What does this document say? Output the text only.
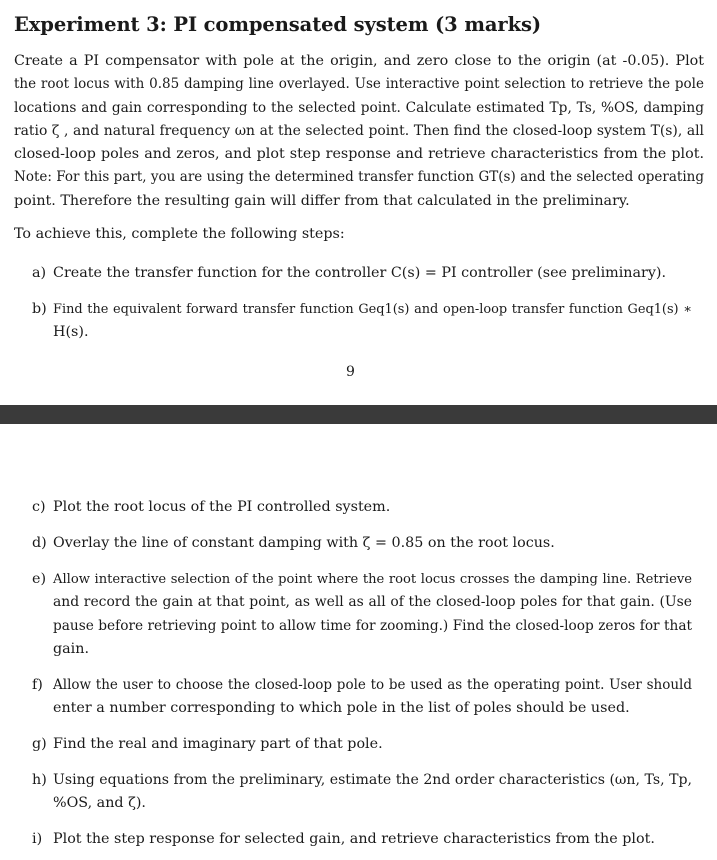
Experiment 3: PI compensated system (3 marks)

Create a PI compensator with pole at the origin, and zero close to the origin (at -0.05). Plot
the root locus with 0.85 damping line overlayed. Use interactive point selection to retrieve the pole
locations and gain corresponding to the selected point. Calculate estimated Tp, Ts, %OS, damping
ratio ζ , and natural frequency ωn at the selected point. Then find the closed-loop system T(s), all
closed-loop poles and zeros, and plot step response and retrieve characteristics from the plot.
Note: For this part, you are using the determined transfer function GT(s) and the selected operating
point. Therefore the resulting gain will differ from that calculated in the preliminary.

To achieve this, complete the following steps:

a) Create the transfer function for the controller C(s) = PI controller (see preliminary).
b) Find the equivalent forward transfer function Geq1(s) and open-loop transfer function Geq1(s) ∗
H(s).

9

c) Plot the root locus of the PI controlled system.
d) Overlay the line of constant damping with ζ = 0.85 on the root locus.
e) Allow interactive selection of the point where the root locus crosses the damping line. Retrieve
and record the gain at that point, as well as all of the closed-loop poles for that gain. (Use
pause before retrieving point to allow time for zooming.) Find the closed-loop zeros for that
gain.
f) Allow the user to choose the closed-loop pole to be used as the operating point. User should
enter a number corresponding to which pole in the list of poles should be used.
g) Find the real and imaginary part of that pole.
h) Using equations from the preliminary, estimate the 2nd order characteristics (ωn, Ts, Tp,
%OS, and ζ).
i) Plot the step response for selected gain, and retrieve characteristics from the plot.
